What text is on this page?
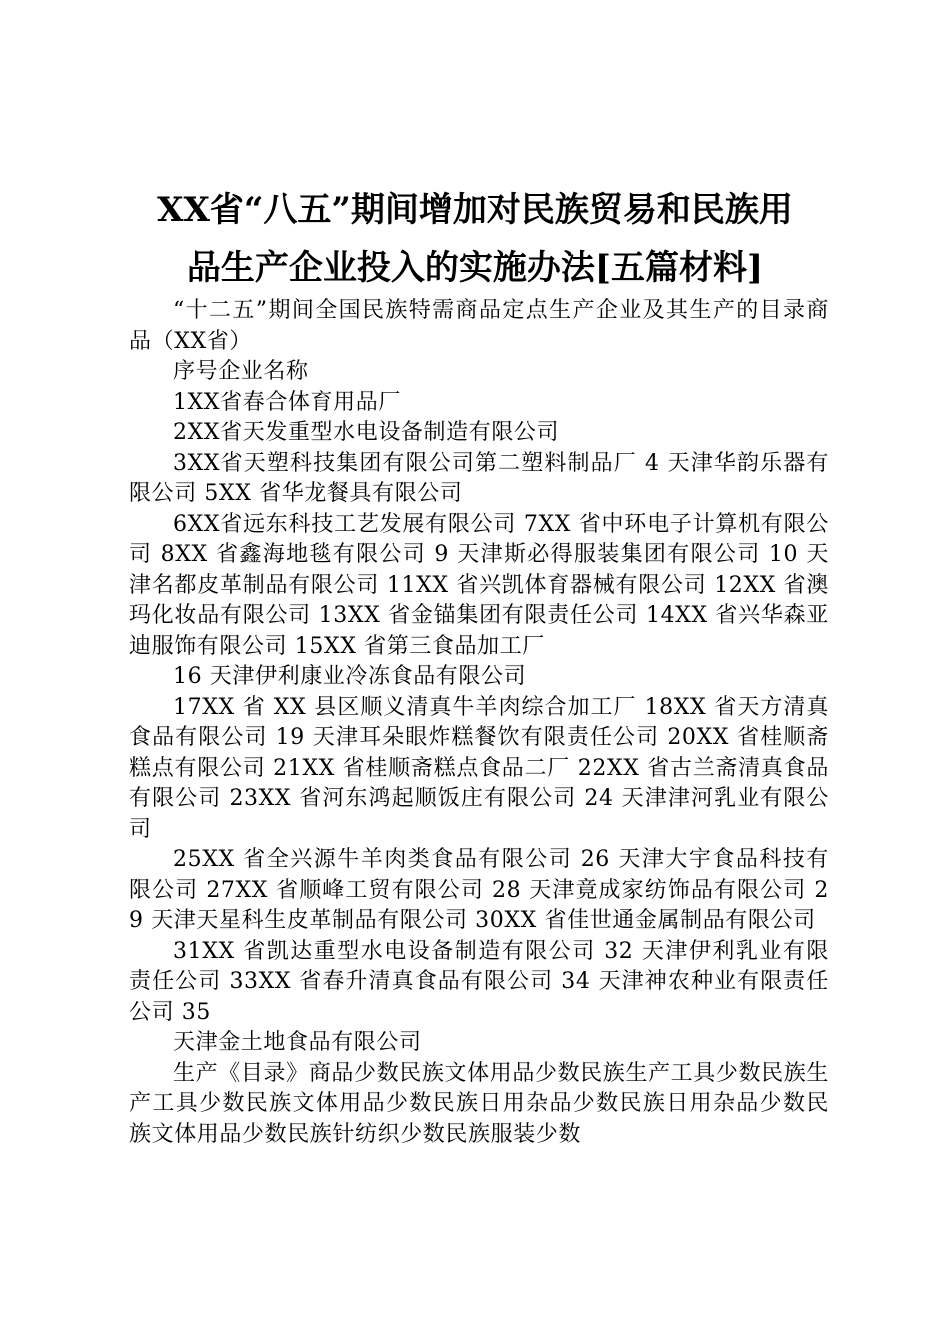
XX省“八五”期间增加对民族贸易和民族用
品生产企业投入的实施办法[五篇材料]

“十二五”期间全国民族特需商品定点生产企业及其生产的目录商品（XX省）

序号企业名称

1XX省春合体育用品厂

2XX省天发重型水电设备制造有限公司

3XX省天塑科技集团有限公司第二塑料制品厂 4 天津华韵乐器有限公司 5XX 省华龙餐具有限公司

6XX省远东科技工艺发展有限公司 7XX 省中环电子计算机有限公司 8XX 省鑫海地毯有限公司 9 天津斯必得服装集团有限公司 10 天津名都皮革制品有限公司 11XX 省兴凯体育器械有限公司 12XX 省澳玛化妆品有限公司 13XX 省金锚集团有限责任公司 14XX 省兴华森亚迪服饰有限公司 15XX 省第三食品加工厂

16 天津伊利康业冷冻食品有限公司

17XX 省 XX 县区顺义清真牛羊肉综合加工厂 18XX 省天方清真食品有限公司 19 天津耳朵眼炸糕餐饮有限责任公司 20XX 省桂顺斋糕点有限公司 21XX 省桂顺斋糕点食品二厂 22XX 省古兰斋清真食品有限公司 23XX 省河东鸿起顺饭庄有限公司 24 天津津河乳业有限公司

25XX 省全兴源牛羊肉类食品有限公司 26 天津大宇食品科技有限公司 27XX 省顺峰工贸有限公司 28 天津竟成家纺饰品有限公司 29 天津天星科生皮革制品有限公司 30XX 省佳世通金属制品有限公司

31XX 省凯达重型水电设备制造有限公司 32 天津伊利乳业有限责任公司 33XX 省春升清真食品有限公司 34 天津神农种业有限责任公司 35

天津金土地食品有限公司

生产《目录》商品少数民族文体用品少数民族生产工具少数民族生产工具少数民族文体用品少数民族日用杂品少数民族日用杂品少数民族文体用品少数民族针纺织少数民族服装少数
